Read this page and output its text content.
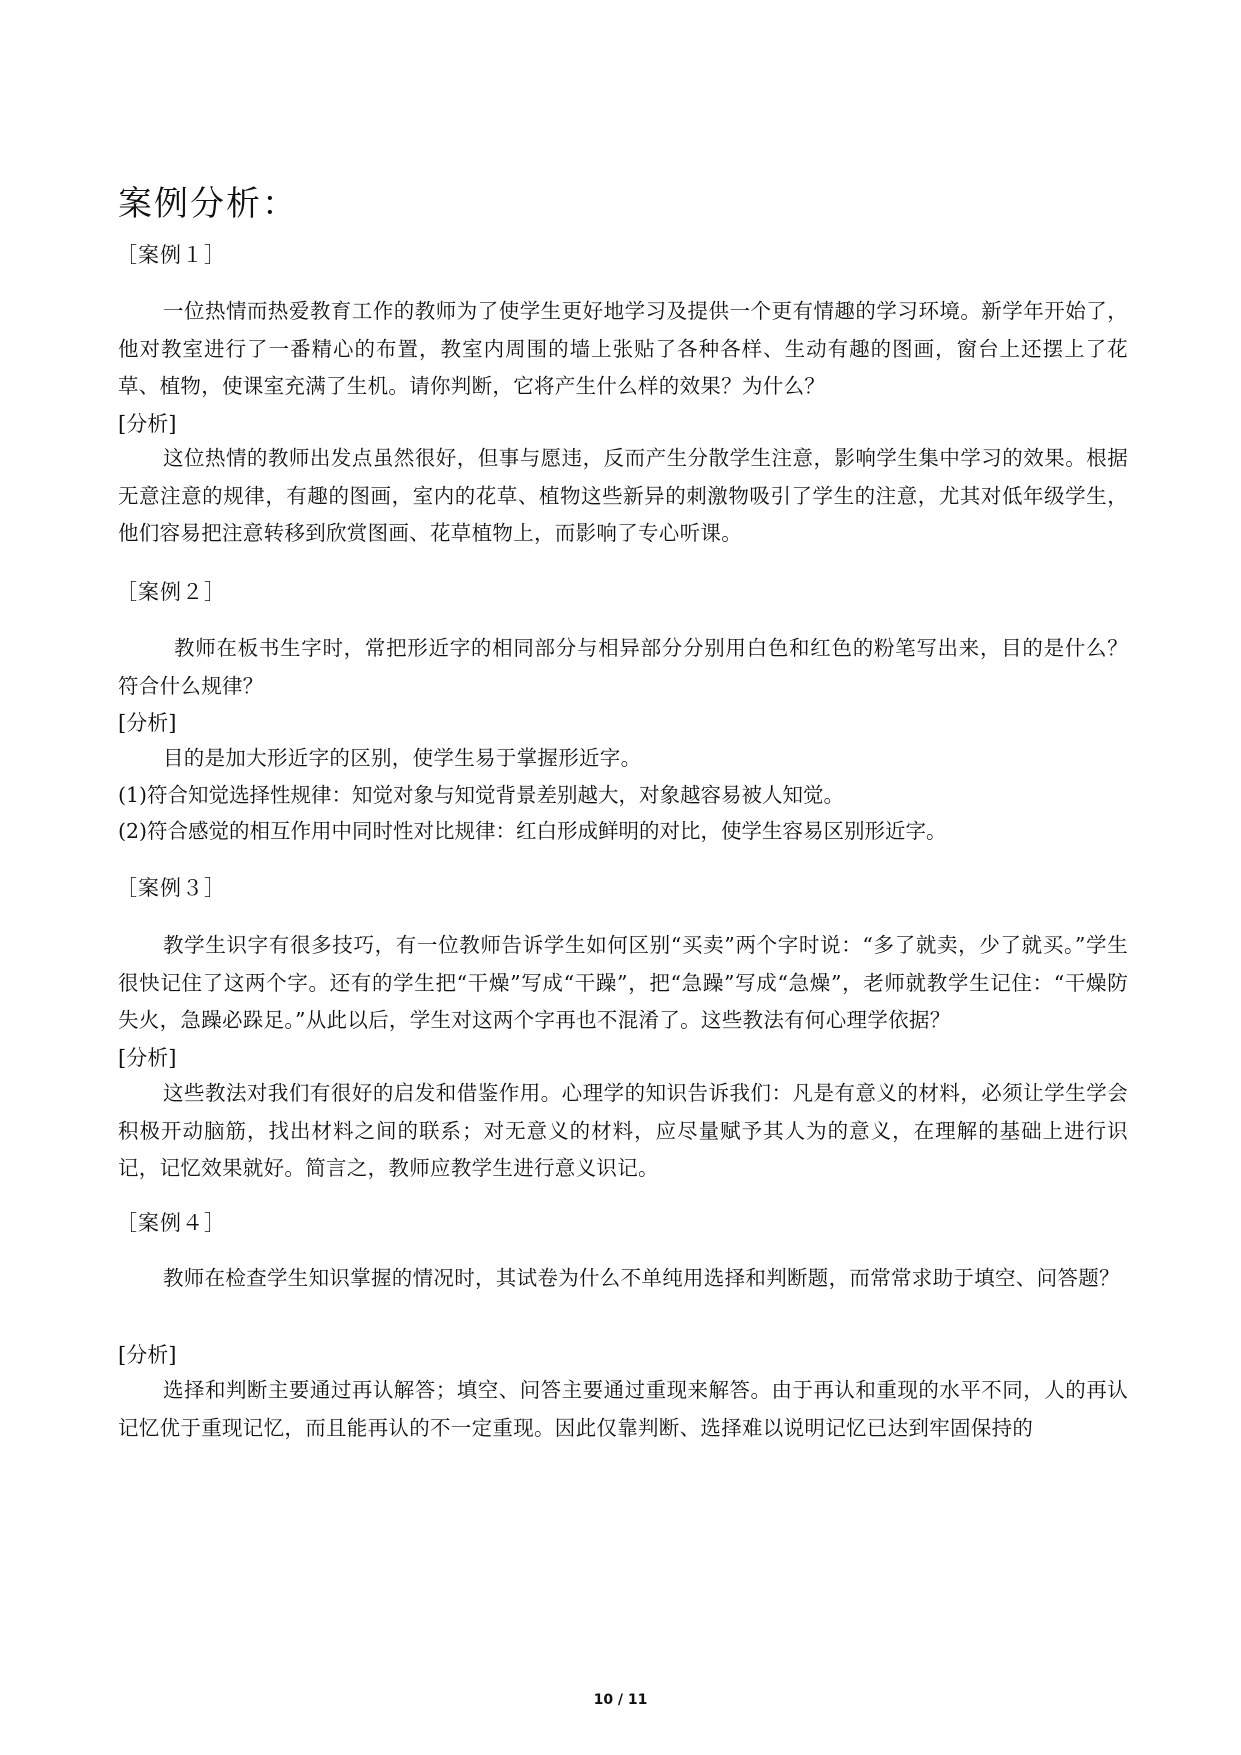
案例分析：

［案例１］

一位热情而热爱教育工作的教师为了使学生更好地学习及提供一个更有情趣的学习环境。新学年开始了，他对教室进行了一番精心的布置，教室内周围的墙上张贴了各种各样、生动有趣的图画，窗台上还摆上了花草、植物，使课室充满了生机。请你判断，它将产生什么样的效果？为什么？

[分析]

这位热情的教师出发点虽然很好，但事与愿违，反而产生分散学生注意，影响学生集中学习的效果。根据无意注意的规律，有趣的图画，室内的花草、植物这些新异的刺激物吸引了学生的注意，尤其对低年级学生，他们容易把注意转移到欣赏图画、花草植物上，而影响了专心听课。

［案例２］

教师在板书生字时，常把形近字的相同部分与相异部分分别用白色和红色的粉笔写出来，目的是什么？符合什么规律？

[分析]

目的是加大形近字的区别，使学生易于掌握形近字。

(1)符合知觉选择性规律：知觉对象与知觉背景差别越大，对象越容易被人知觉。

(2)符合感觉的相互作用中同时性对比规律：红白形成鲜明的对比，使学生容易区别形近字。

［案例３］

教学生识字有很多技巧，有一位教师告诉学生如何区别“买卖”两个字时说：“多了就卖，少了就买。”学生很快记住了这两个字。还有的学生把“干燥”写成“干躁”，把“急躁”写成“急燥”，老师就教学生记住：“干燥防失火，急躁必跺足。”从此以后，学生对这两个字再也不混淆了。这些教法有何心理学依据？

[分析]

这些教法对我们有很好的启发和借鉴作用。心理学的知识告诉我们：凡是有意义的材料，必须让学生学会积极开动脑筋，找出材料之间的联系；对无意义的材料，应尽量赋予其人为的意义，在理解的基础上进行识记，记忆效果就好。简言之，教师应教学生进行意义识记。

［案例４］

教师在检查学生知识掌握的情况时，其试卷为什么不单纯用选择和判断题，而常常求助于填空、问答题？

[分析]

选择和判断主要通过再认解答；填空、问答主要通过重现来解答。由于再认和重现的水平不同，人的再认记忆优于重现记忆，而且能再认的不一定重现。因此仅靠判断、选择难以说明记忆已达到牢固保持的

10 / 11
